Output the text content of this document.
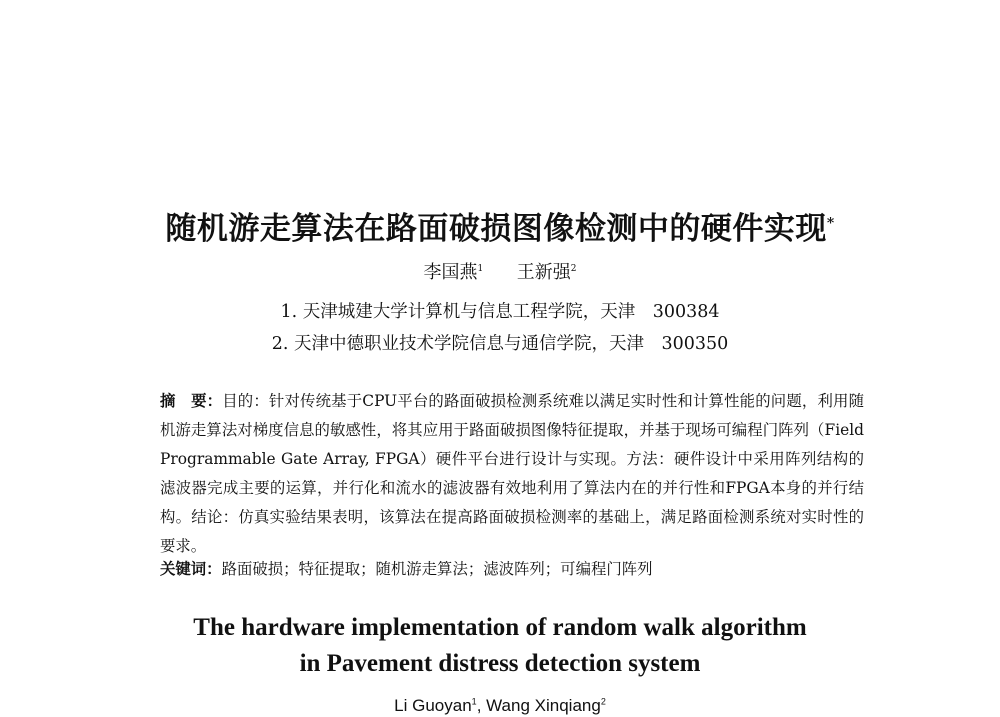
随机游走算法在路面破损图像检测中的硬件实现*
李国燕$^1$ 王新强$^2$
1. 天津城建大学计算机与信息工程学院，天津　300384
2. 天津中德职业技术学院信息与通信学院，天津　300350
摘　要：目的：针对传统基于CPU平台的路面破损检测系统难以满足实时性和计算性能的问题，利用随机游走算法对梯度信息的敏感性，将其应用于路面破损图像特征提取，并基于现场可编程门阵列（Field Programmable Gate Array, FPGA）硬件平台进行设计与实现。方法：硬件设计中采用阵列结构的滤波器完成主要的运算，并行化和流水的滤波器有效地利用了算法内在的并行性和FPGA本身的并行结构。结论：仿真实验结果表明，该算法在提高路面破损检测率的基础上，满足路面检测系统对实时性的要求。
关键词：路面破损；特征提取；随机游走算法；滤波阵列；可编程门阵列
The hardware implementation of random walk algorithm
in Pavement distress detection system
Li Guoyan$^1$, Wang Xinqiang$^2$
